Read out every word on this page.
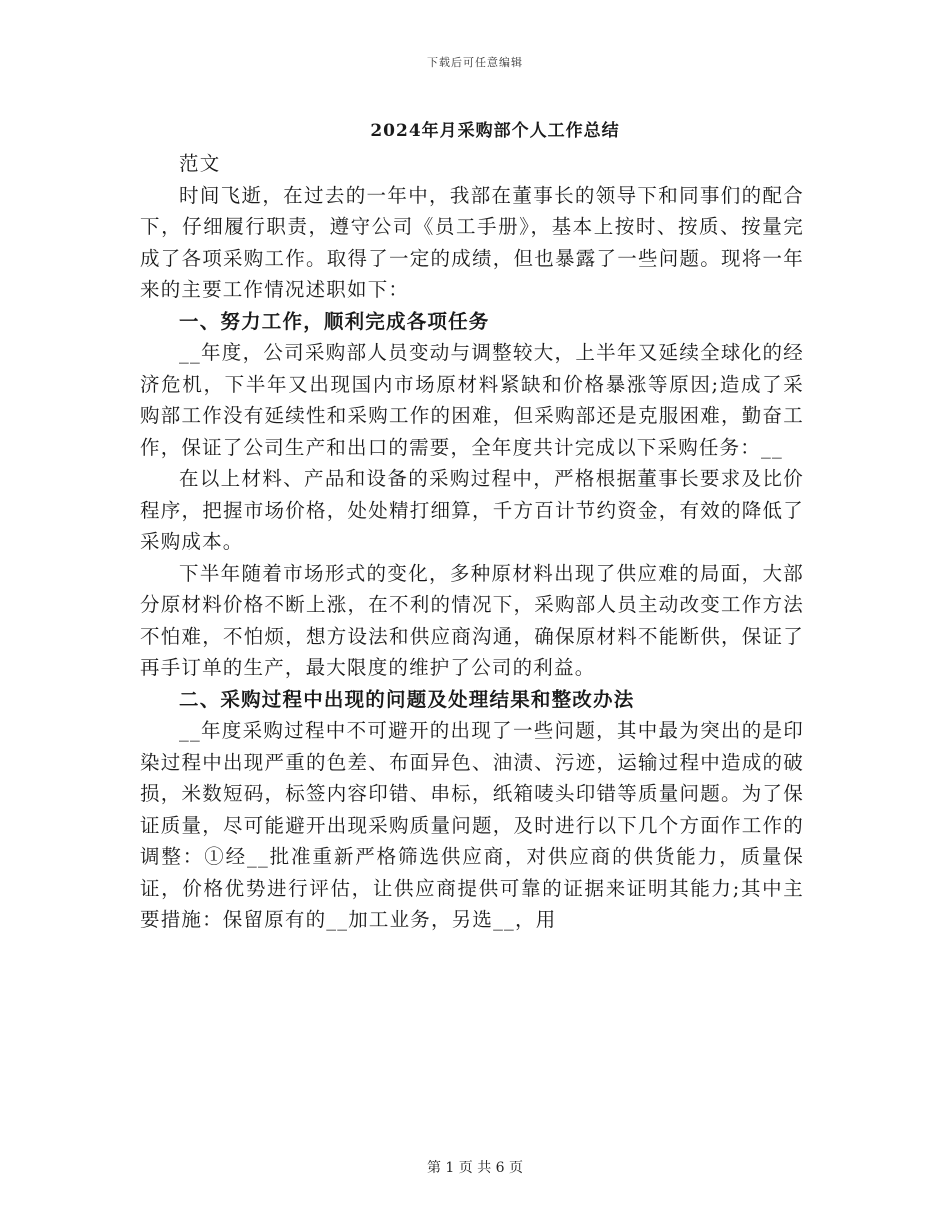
下载后可任意编辑
2024年月采购部个人工作总结

范文

时间飞逝，在过去的一年中，我部在董事长的领导下和同事们的配合下，仔细履行职责，遵守公司《员工手册》，基本上按时、按质、按量完成了各项采购工作。取得了一定的成绩，但也暴露了一些问题。现将一年来的主要工作情况述职如下：

一、努力工作，顺利完成各项任务

__年度，公司采购部人员变动与调整较大，上半年又延续全球化的经济危机，下半年又出现国内市场原材料紧缺和价格暴涨等原因;造成了采购部工作没有延续性和采购工作的困难，但采购部还是克服困难，勤奋工作，保证了公司生产和出口的需要，全年度共计完成以下采购任务：__

在以上材料、产品和设备的采购过程中，严格根据董事长要求及比价程序，把握市场价格，处处精打细算，千方百计节约资金，有效的降低了采购成本。

下半年随着市场形式的变化，多种原材料出现了供应难的局面，大部分原材料价格不断上涨，在不利的情况下，采购部人员主动改变工作方法不怕难，不怕烦，想方设法和供应商沟通，确保原材料不能断供，保证了再手订单的生产，最大限度的维护了公司的利益。

二、采购过程中出现的问题及处理结果和整改办法

__年度采购过程中不可避开的出现了一些问题，其中最为突出的是印染过程中出现严重的色差、布面异色、油渍、污迹，运输过程中造成的破损，米数短码，标签内容印错、串标，纸箱唛头印错等质量问题。为了保证质量，尽可能避开出现采购质量问题，及时进行以下几个方面作工作的调整：①经__批准重新严格筛选供应商，对供应商的供货能力，质量保证，价格优势进行评估，让供应商提供可靠的证据来证明其能力;其中主要措施：保留原有的__加工业务，另选__，用

第 1 页 共 6 页
